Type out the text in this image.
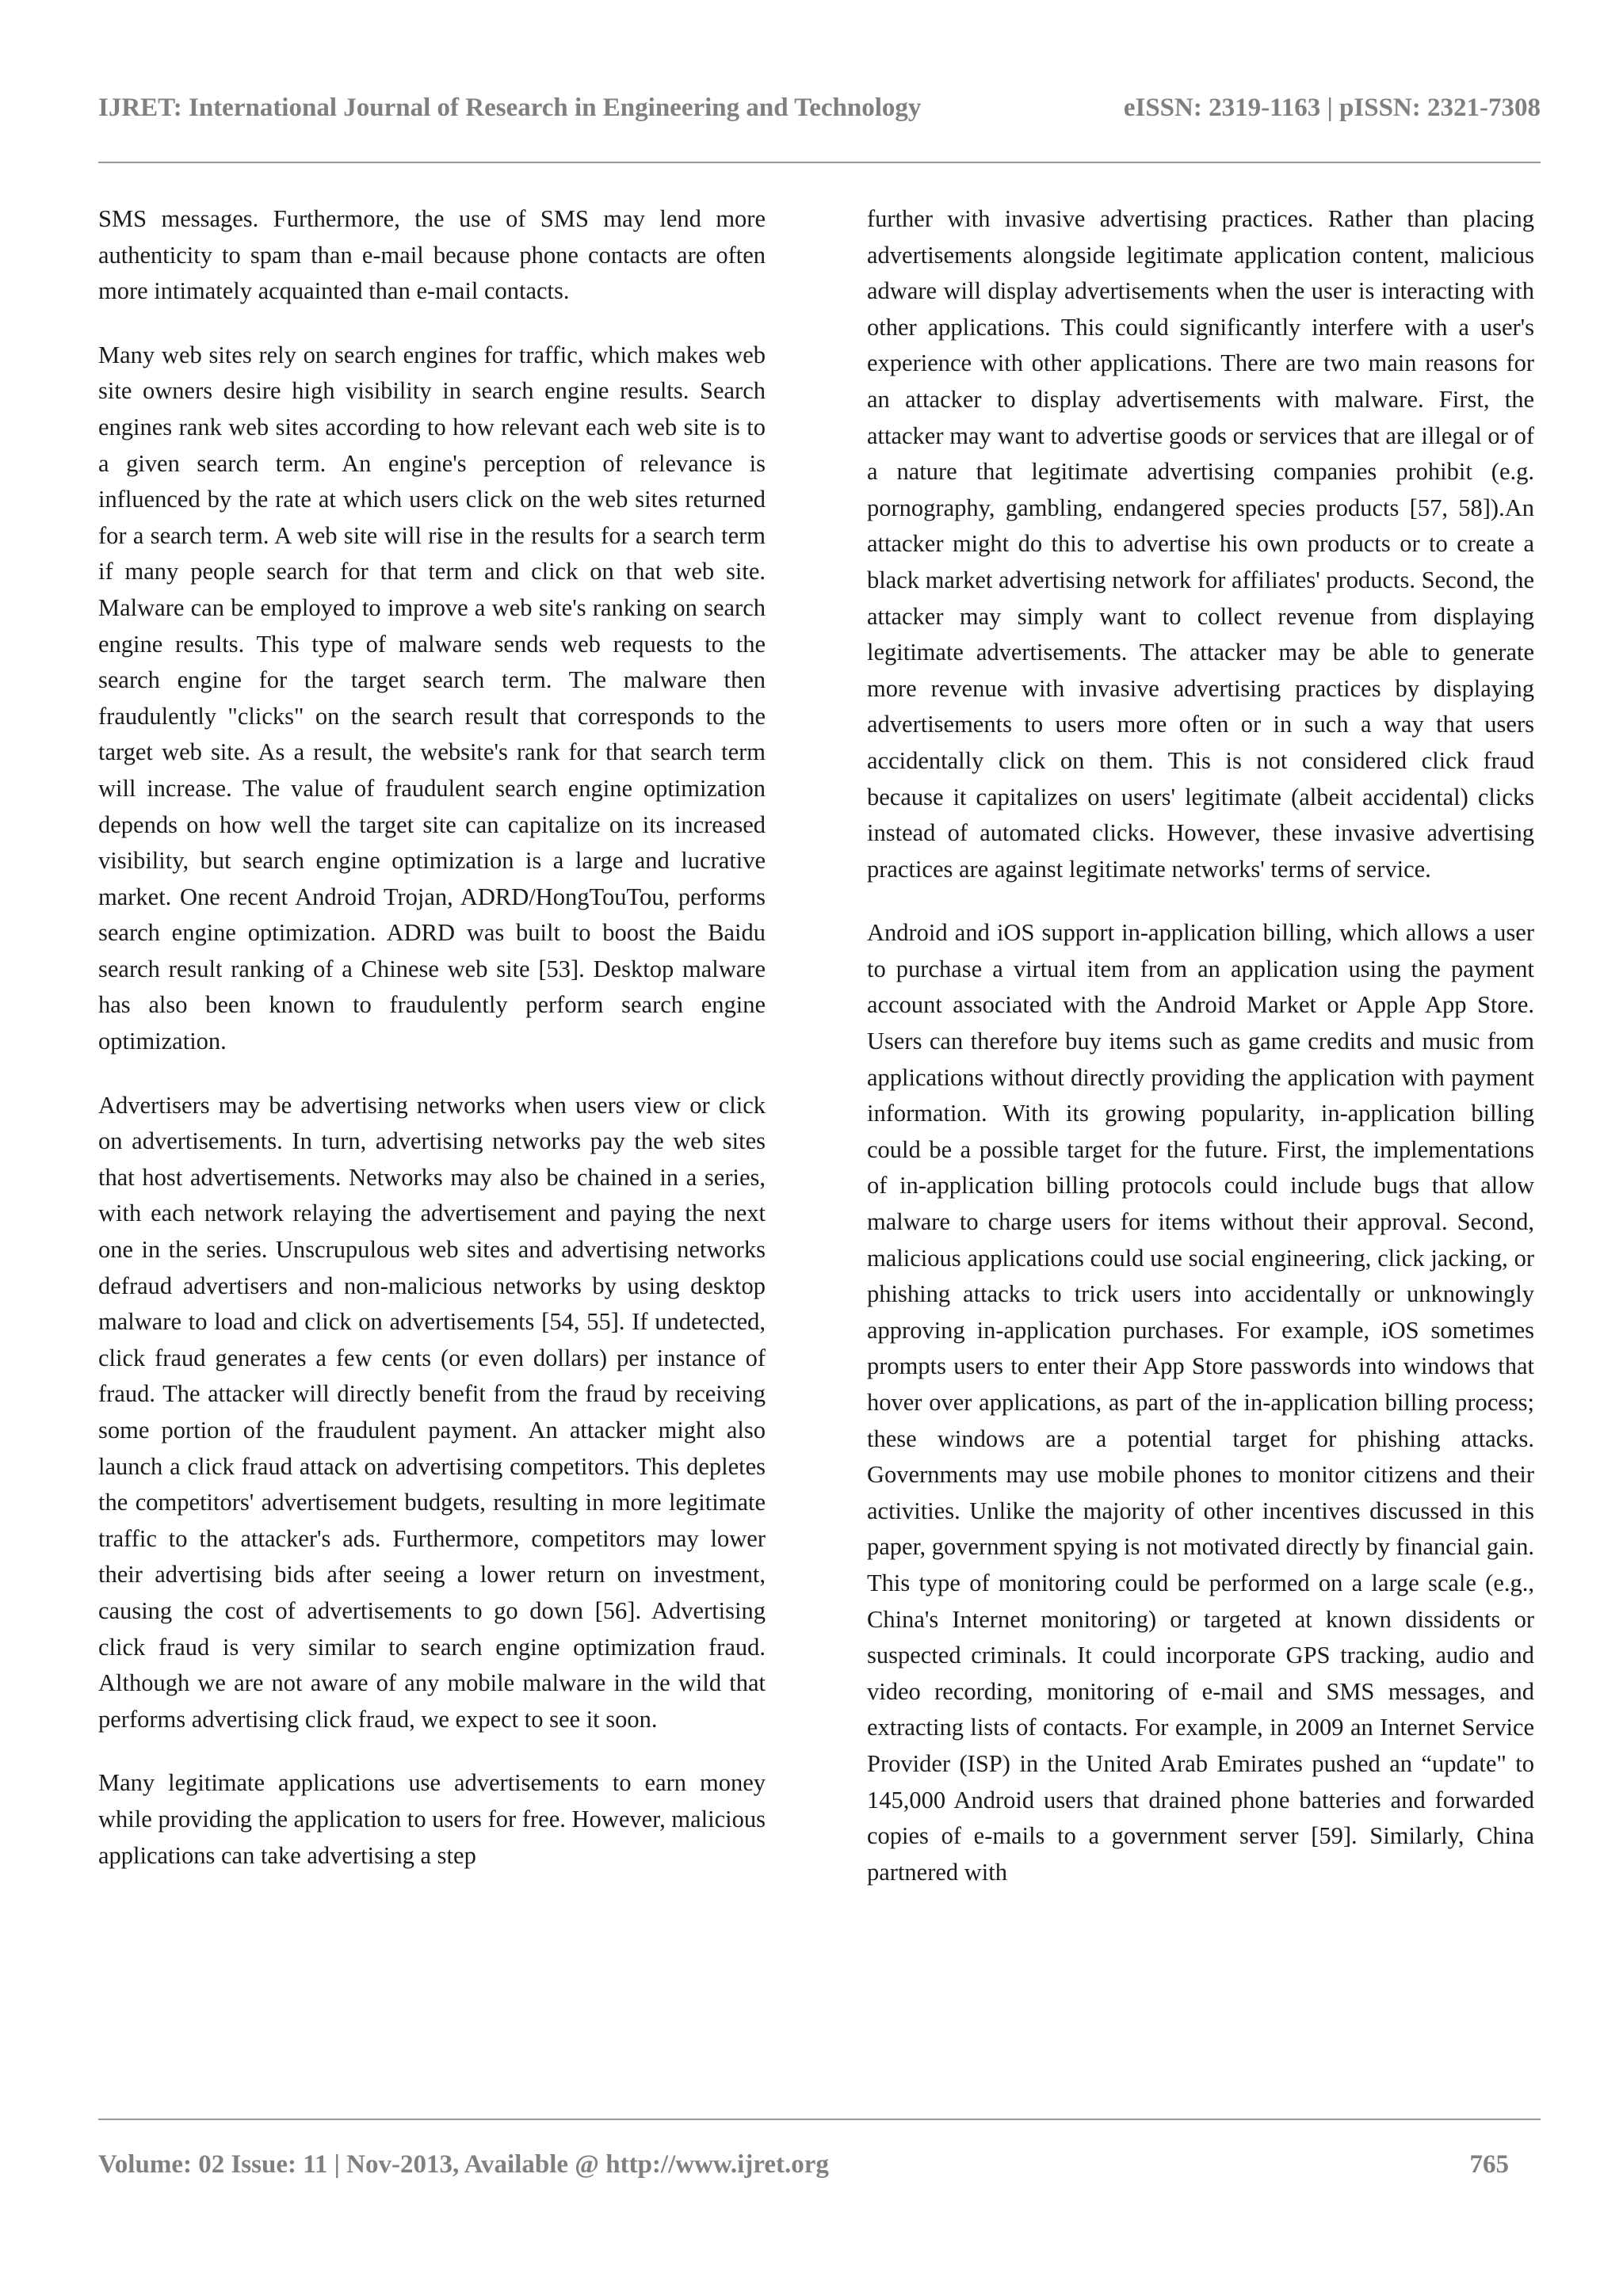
IJRET: International Journal of Research in Engineering and Technology	eISSN: 2319-1163 | pISSN: 2321-7308

SMS messages. Furthermore, the use of SMS may lend more authenticity to spam than e-mail because phone contacts are often more intimately acquainted than e-mail contacts.

Many web sites rely on search engines for traffic, which makes web site owners desire high visibility in search engine results. Search engines rank web sites according to how relevant each web site is to a given search term. An engine's perception of relevance is influenced by the rate at which users click on the web sites returned for a search term. A web site will rise in the results for a search term if many people search for that term and click on that web site. Malware can be employed to improve a web site's ranking on search engine results. This type of malware sends web requests to the search engine for the target search term. The malware then fraudulently "clicks" on the search result that corresponds to the target web site. As a result, the website's rank for that search term will increase. The value of fraudulent search engine optimization depends on how well the target site can capitalize on its increased visibility, but search engine optimization is a large and lucrative market. One recent Android Trojan, ADRD/HongTouTou, performs search engine optimization. ADRD was built to boost the Baidu search result ranking of a Chinese web site [53]. Desktop malware has also been known to fraudulently perform search engine optimization.

Advertisers may be advertising networks when users view or click on advertisements. In turn, advertising networks pay the web sites that host advertisements. Networks may also be chained in a series, with each network relaying the advertisement and paying the next one in the series. Unscrupulous web sites and advertising networks defraud advertisers and non-malicious networks by using desktop malware to load and click on advertisements [54, 55]. If undetected, click fraud generates a few cents (or even dollars) per instance of fraud. The attacker will directly benefit from the fraud by receiving some portion of the fraudulent payment. An attacker might also launch a click fraud attack on advertising competitors. This depletes the competitors' advertisement budgets, resulting in more legitimate traffic to the attacker's ads. Furthermore, competitors may lower their advertising bids after seeing a lower return on investment, causing the cost of advertisements to go down [56]. Advertising click fraud is very similar to search engine optimization fraud. Although we are not aware of any mobile malware in the wild that performs advertising click fraud, we expect to see it soon.

Many legitimate applications use advertisements to earn money while providing the application to users for free. However, malicious applications can take advertising a step

further with invasive advertising practices. Rather than placing advertisements alongside legitimate application content, malicious adware will display advertisements when the user is interacting with other applications. This could significantly interfere with a user's experience with other applications. There are two main reasons for an attacker to display advertisements with malware. First, the attacker may want to advertise goods or services that are illegal or of a nature that legitimate advertising companies prohibit (e.g. pornography, gambling, endangered species products [57, 58]).An attacker might do this to advertise his own products or to create a black market advertising network for affiliates' products. Second, the attacker may simply want to collect revenue from displaying legitimate advertisements. The attacker may be able to generate more revenue with invasive advertising practices by displaying advertisements to users more often or in such a way that users accidentally click on them. This is not considered click fraud because it capitalizes on users' legitimate (albeit accidental) clicks instead of automated clicks. However, these invasive advertising practices are against legitimate networks' terms of service.

Android and iOS support in-application billing, which allows a user to purchase a virtual item from an application using the payment account associated with the Android Market or Apple App Store. Users can therefore buy items such as game credits and music from applications without directly providing the application with payment information. With its growing popularity, in-application billing could be a possible target for the future. First, the implementations of in-application billing protocols could include bugs that allow malware to charge users for items without their approval. Second, malicious applications could use social engineering, click jacking, or phishing attacks to trick users into accidentally or unknowingly approving in-application purchases. For example, iOS sometimes prompts users to enter their App Store passwords into windows that hover over applications, as part of the in-application billing process; these windows are a potential target for phishing attacks. Governments may use mobile phones to monitor citizens and their activities. Unlike the majority of other incentives discussed in this paper, government spying is not motivated directly by financial gain. This type of monitoring could be performed on a large scale (e.g., China's Internet monitoring) or targeted at known dissidents or suspected criminals. It could incorporate GPS tracking, audio and video recording, monitoring of e-mail and SMS messages, and extracting lists of contacts. For example, in 2009 an Internet Service Provider (ISP) in the United Arab Emirates pushed an “update" to 145,000 Android users that drained phone batteries and forwarded copies of e-mails to a government server [59]. Similarly, China partnered with

Volume: 02 Issue: 11 | Nov-2013, Available @ http://www.ijret.org	765
